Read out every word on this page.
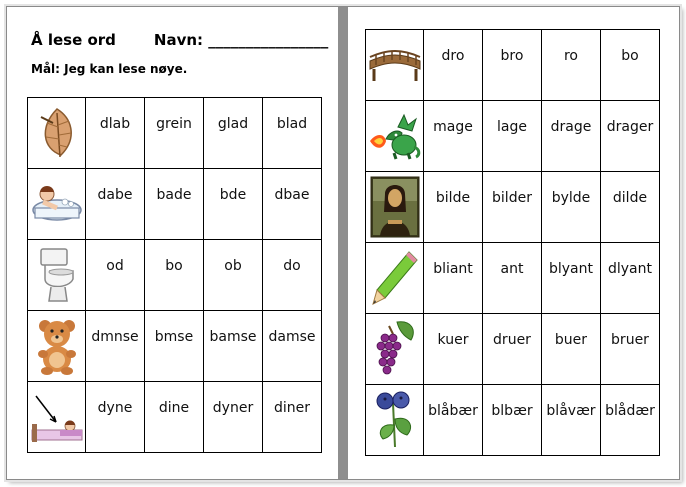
Å lese ord	Navn: ________________
Mål: Jeg kan lese nøye.
	dlab	grein	glad	blad

	dabe	bade	bde	dbae

	od	bo	ob	do

	dmnse	bmse	bamse	damse

	dyne	dine	dyner	diner
	dro	bro	ro	bo

	mage	lage	drage	drager

	bilde	bilder	bylde	dilde

	bliant	ant	blyant	dlyant

	kuer	druer	buer	bruer

	blåbær	blbær	blåvær	blådær
